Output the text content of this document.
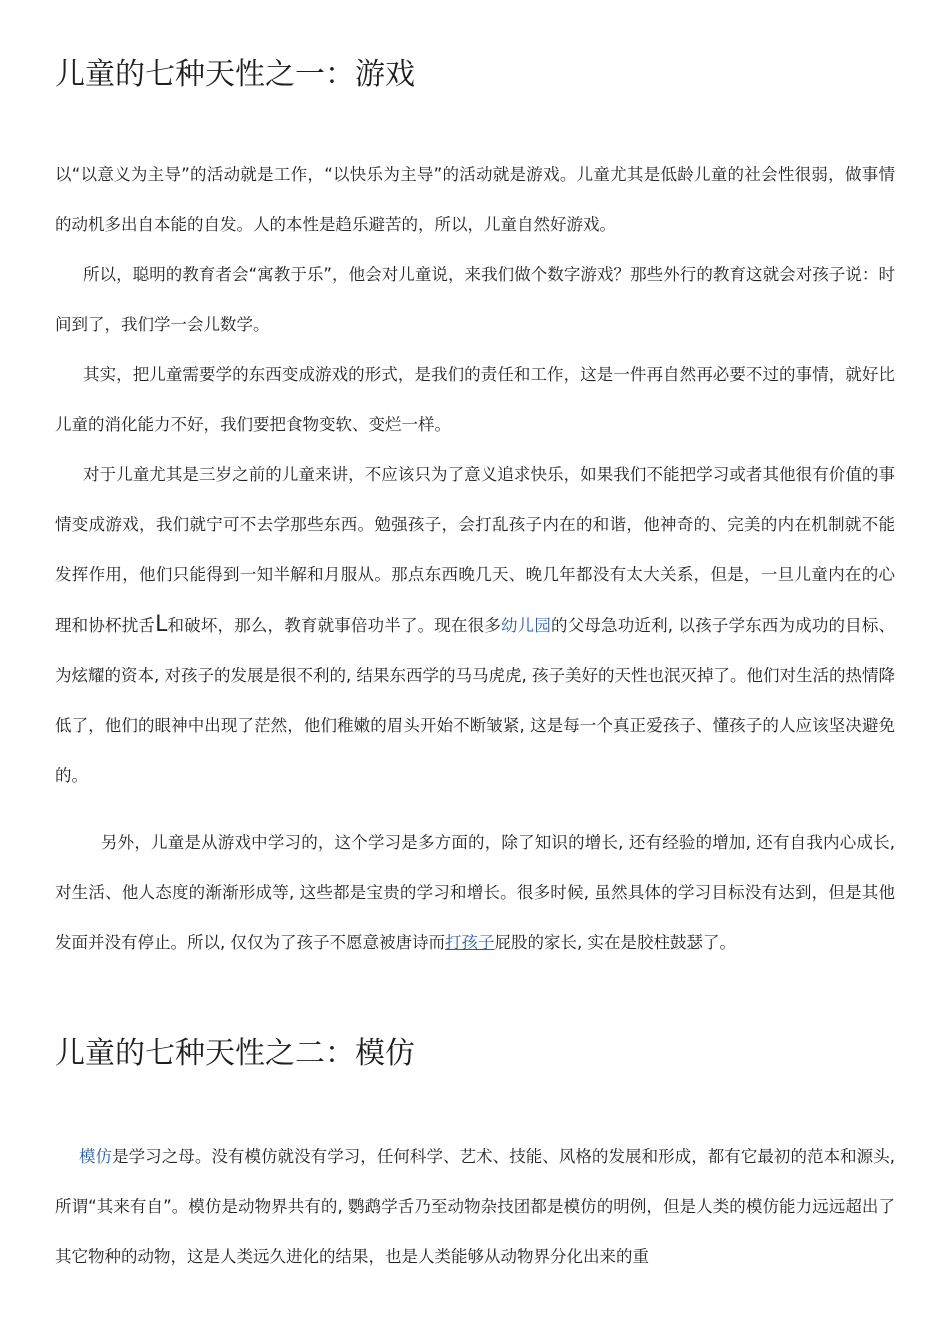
儿童的七种天性之一：游戏

以“以意义为主导”的活动就是工作，“以快乐为主导”的活动就是游戏。儿童尤其是低龄儿童的社会性很弱，做事情的动机多出自本能的自发。人的本性是趋乐避苦的，所以，儿童自然好游戏。

所以，聪明的教育者会“寓教于乐”，他会对儿童说，来我们做个数字游戏？那些外行的教育这就会对孩子说：时间到了，我们学一会儿数学。

其实，把儿童需要学的东西变成游戏的形式，是我们的责任和工作，这是一件再自然再必要不过的事情，就好比儿童的消化能力不好，我们要把食物变软、变烂一样。

对于儿童尤其是三岁之前的儿童来讲，不应该只为了意义追求快乐，如果我们不能把学习或者其他很有价值的事情变成游戏，我们就宁可不去学那些东西。勉强孩子，会打乱孩子内在的和谐，他神奇的、完美的内在机制就不能发挥作用，他们只能得到一知半解和月服从。那点东西晚几天、晚几年都没有太大关系，但是，一旦儿童内在的心理和协杯扰舌L和破坏，那么，教育就事倍功半了。现在很多幼儿园的父母急功近利, 以孩子学东西为成功的目标、为炫耀的资本, 对孩子的发展是很不利的, 结果东西学的马马虎虎, 孩子美好的天性也泯灭掉了。他们对生活的热情降低了，他们的眼神中出现了茫然，他们稚嫩的眉头开始不断皱紧, 这是每一个真正爱孩子、懂孩子的人应该坚决避免的。

另外，儿童是从游戏中学习的，这个学习是多方面的，除了知识的增长, 还有经验的增加, 还有自我内心成长, 对生活、他人态度的渐渐形成等, 这些都是宝贵的学习和增长。很多时候, 虽然具体的学习目标没有达到，但是其他发面并没有停止。所以, 仅仅为了孩子不愿意被唐诗而打孩子屁股的家长, 实在是胶柱鼓瑟了。

儿童的七种天性之二：模仿

模仿是学习之母。没有模仿就没有学习，任何科学、艺术、技能、风格的发展和形成，都有它最初的范本和源头, 所谓“其来有自”。模仿是动物界共有的, 鹦鹉学舌乃至动物杂技团都是模仿的明例，但是人类的模仿能力远远超出了其它物种的动物，这是人类远久进化的结果，也是人类能够从动物界分化出来的重
